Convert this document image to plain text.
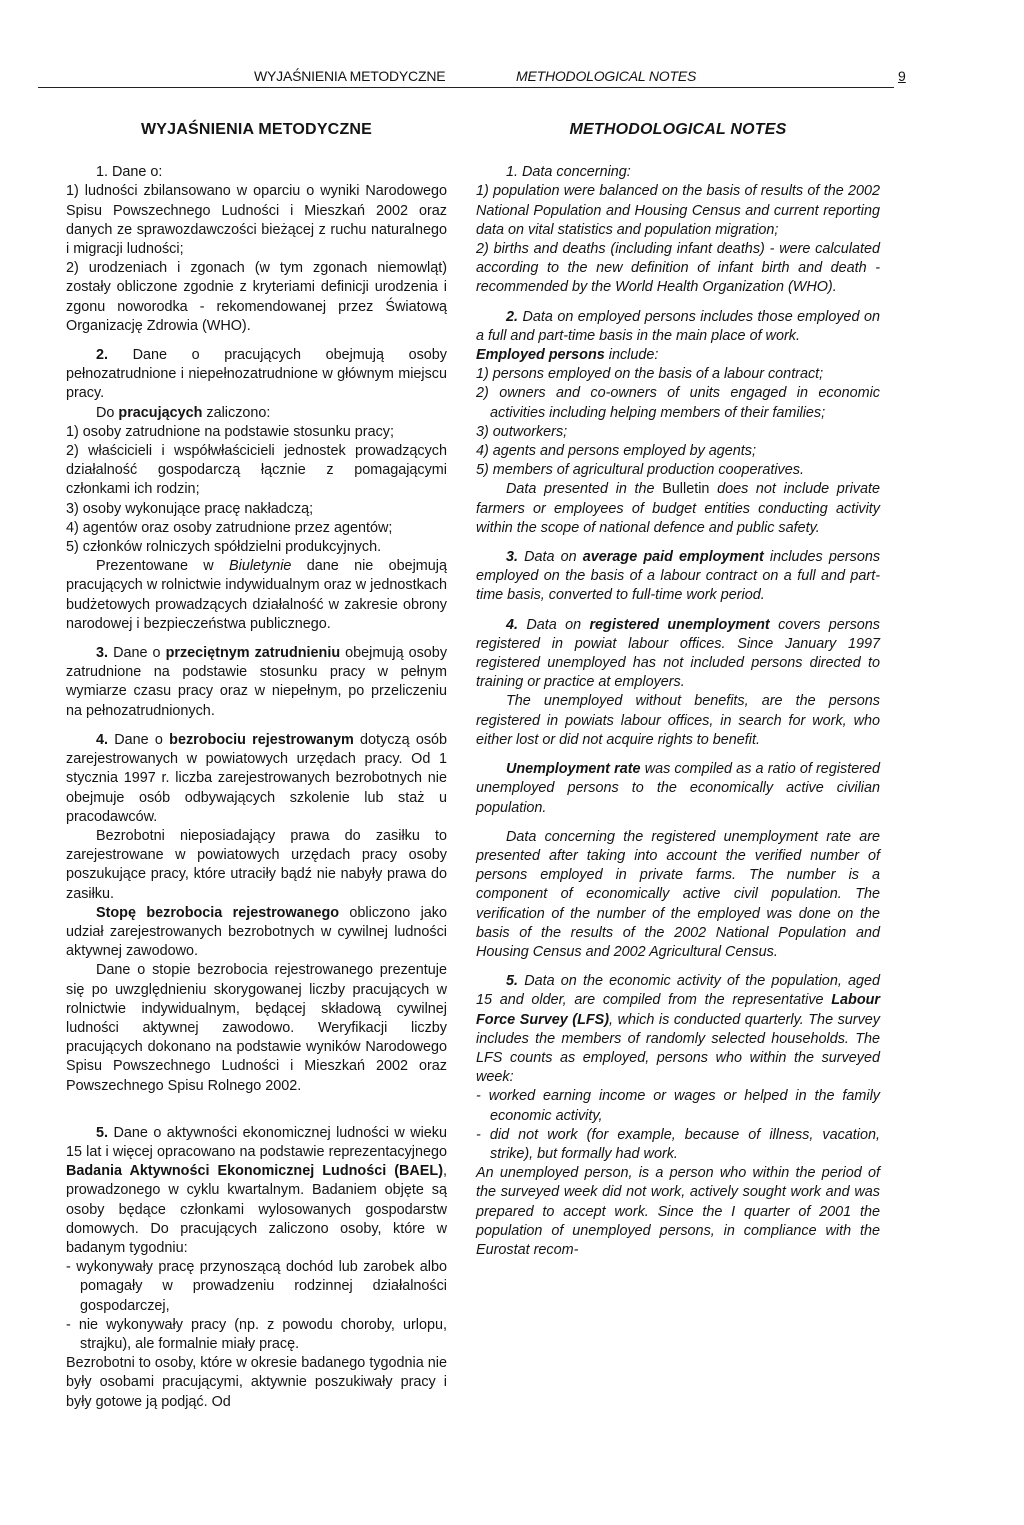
WYJAŚNIENIA METODYCZNE	METHODOLOGICAL NOTES	9

WYJAŚNIENIA METODYCZNE

1. Dane o:

1) ludności zbilansowano w oparciu o wyniki Narodowego Spisu Powszechnego Ludności i Mieszkań 2002 oraz danych ze sprawozdawczości bieżącej z ruchu naturalnego i migracji ludności;

2) urodzeniach i zgonach (w tym zgonach niemowląt) zostały obliczone zgodnie z kryteriami definicji urodzenia i zgonu noworodka - rekomendowanej przez Światową Organizację Zdrowia (WHO).

2. Dane o pracujących obejmują osoby pełnozatrudnione i niepełnozatrudnione w głównym miejscu pracy.

Do pracujących zaliczono:

1) osoby zatrudnione na podstawie stosunku pracy;

2) właścicieli i współwłaścicieli jednostek prowadzących działalność gospodarczą łącznie z pomagającymi członkami ich rodzin;

3) osoby wykonujące pracę nakładczą;

4) agentów oraz osoby zatrudnione przez agentów;

5) członków rolniczych spółdzielni produkcyjnych.

Prezentowane w Biuletynie dane nie obejmują pracujących w rolnictwie indywidualnym oraz w jednostkach budżetowych prowadzących działalność w zakresie obrony narodowej i bezpieczeństwa publicznego.

3. Dane o przeciętnym zatrudnieniu obejmują osoby zatrudnione na podstawie stosunku pracy w pełnym wymiarze czasu pracy oraz w niepełnym, po przeliczeniu na pełnozatrudnionych.

4. Dane o bezrobociu rejestrowanym dotyczą osób zarejestrowanych w powiatowych urzędach pracy. Od 1 stycznia 1997 r. liczba zarejestrowanych bezrobotnych nie obejmuje osób odbywających szkolenie lub staż u pracodawców.

Bezrobotni nieposiadający prawa do zasiłku to zarejestrowane w powiatowych urzędach pracy osoby poszukujące pracy, które utraciły bądź nie nabyły prawa do zasiłku.

Stopę bezrobocia rejestrowanego obliczono jako udział zarejestrowanych bezrobotnych w cywilnej ludności aktywnej zawodowo.

Dane o stopie bezrobocia rejestrowanego prezentuje się po uwzględnieniu skorygowanej liczby pracujących w rolnictwie indywidualnym, będącej składową cywilnej ludności aktywnej zawodowo. Weryfikacji liczby pracujących dokonano na podstawie wyników Narodowego Spisu Powszechnego Ludności i Mieszkań 2002 oraz Powszechnego Spisu Rolnego 2002.

5. Dane o aktywności ekonomicznej ludności w wieku 15 lat i więcej opracowano na podstawie reprezentacyjnego Badania Aktywności Ekonomicznej Ludności (BAEL), prowadzonego w cyklu kwartalnym. Badaniem objęte są osoby będące członkami wylosowanych gospodarstw domowych. Do pracujących zaliczono osoby, które w badanym tygodniu:

- wykonywały pracę przynoszącą dochód lub zarobek albo pomagały w prowadzeniu rodzinnej działalności gospodarczej,

- nie wykonywały pracy (np. z powodu choroby, urlopu, strajku), ale formalnie miały pracę.

Bezrobotni to osoby, które w okresie badanego tygodnia nie były osobami pracującymi, aktywnie poszukiwały pracy i były gotowe ją podjąć. Od

METHODOLOGICAL NOTES

1. Data concerning:

1) population were balanced on the basis of results of the 2002 National Population and Housing Census and current reporting data on vital statistics and population migration;

2) births and deaths (including infant deaths) - were calculated according to the new definition of infant birth and death - recommended by the World Health Organization (WHO).

2. Data on employed persons includes those employed on a full and part-time basis in the main place of work.

Employed persons include:

1) persons employed on the basis of a labour contract;

2) owners and co-owners of units engaged in economic activities including helping members of their families;

3) outworkers;

4) agents and persons employed by agents;

5) members of agricultural production cooperatives.

Data presented in the Bulletin does not include private farmers or employees of budget entities conducting activity within the scope of national defence and public safety.

3. Data on average paid employment includes persons employed on the basis of a labour contract on a full and part-time basis, converted to full-time work period.

4. Data on registered unemployment covers persons registered in powiat labour offices. Since January 1997 registered unemployed has not included persons directed to training or practice at employers.

The unemployed without benefits, are the persons registered in powiats labour offices, in search for work, who either lost or did not acquire rights to benefit.

Unemployment rate was compiled as a ratio of registered unemployed persons to the economically active civilian population.

Data concerning the registered unemployment rate are presented after taking into account the verified number of persons employed in private farms. The number is a component of economically active civil population. The verification of the number of the employed was done on the basis of the results of the 2002 National Population and Housing Census and 2002 Agricultural Census.

5. Data on the economic activity of the population, aged 15 and older, are compiled from the representative Labour Force Survey (LFS), which is conducted quarterly. The survey includes the members of randomly selected households. The LFS counts as employed, persons who within the surveyed week:

- worked earning income or wages or helped in the family economic activity,

- did not work (for example, because of illness, vacation, strike), but formally had work.

An unemployed person, is a person who within the period of the surveyed week did not work, actively sought work and was prepared to accept work. Since the I quarter of 2001 the population of unemployed persons, in compliance with the Eurostat recom-
